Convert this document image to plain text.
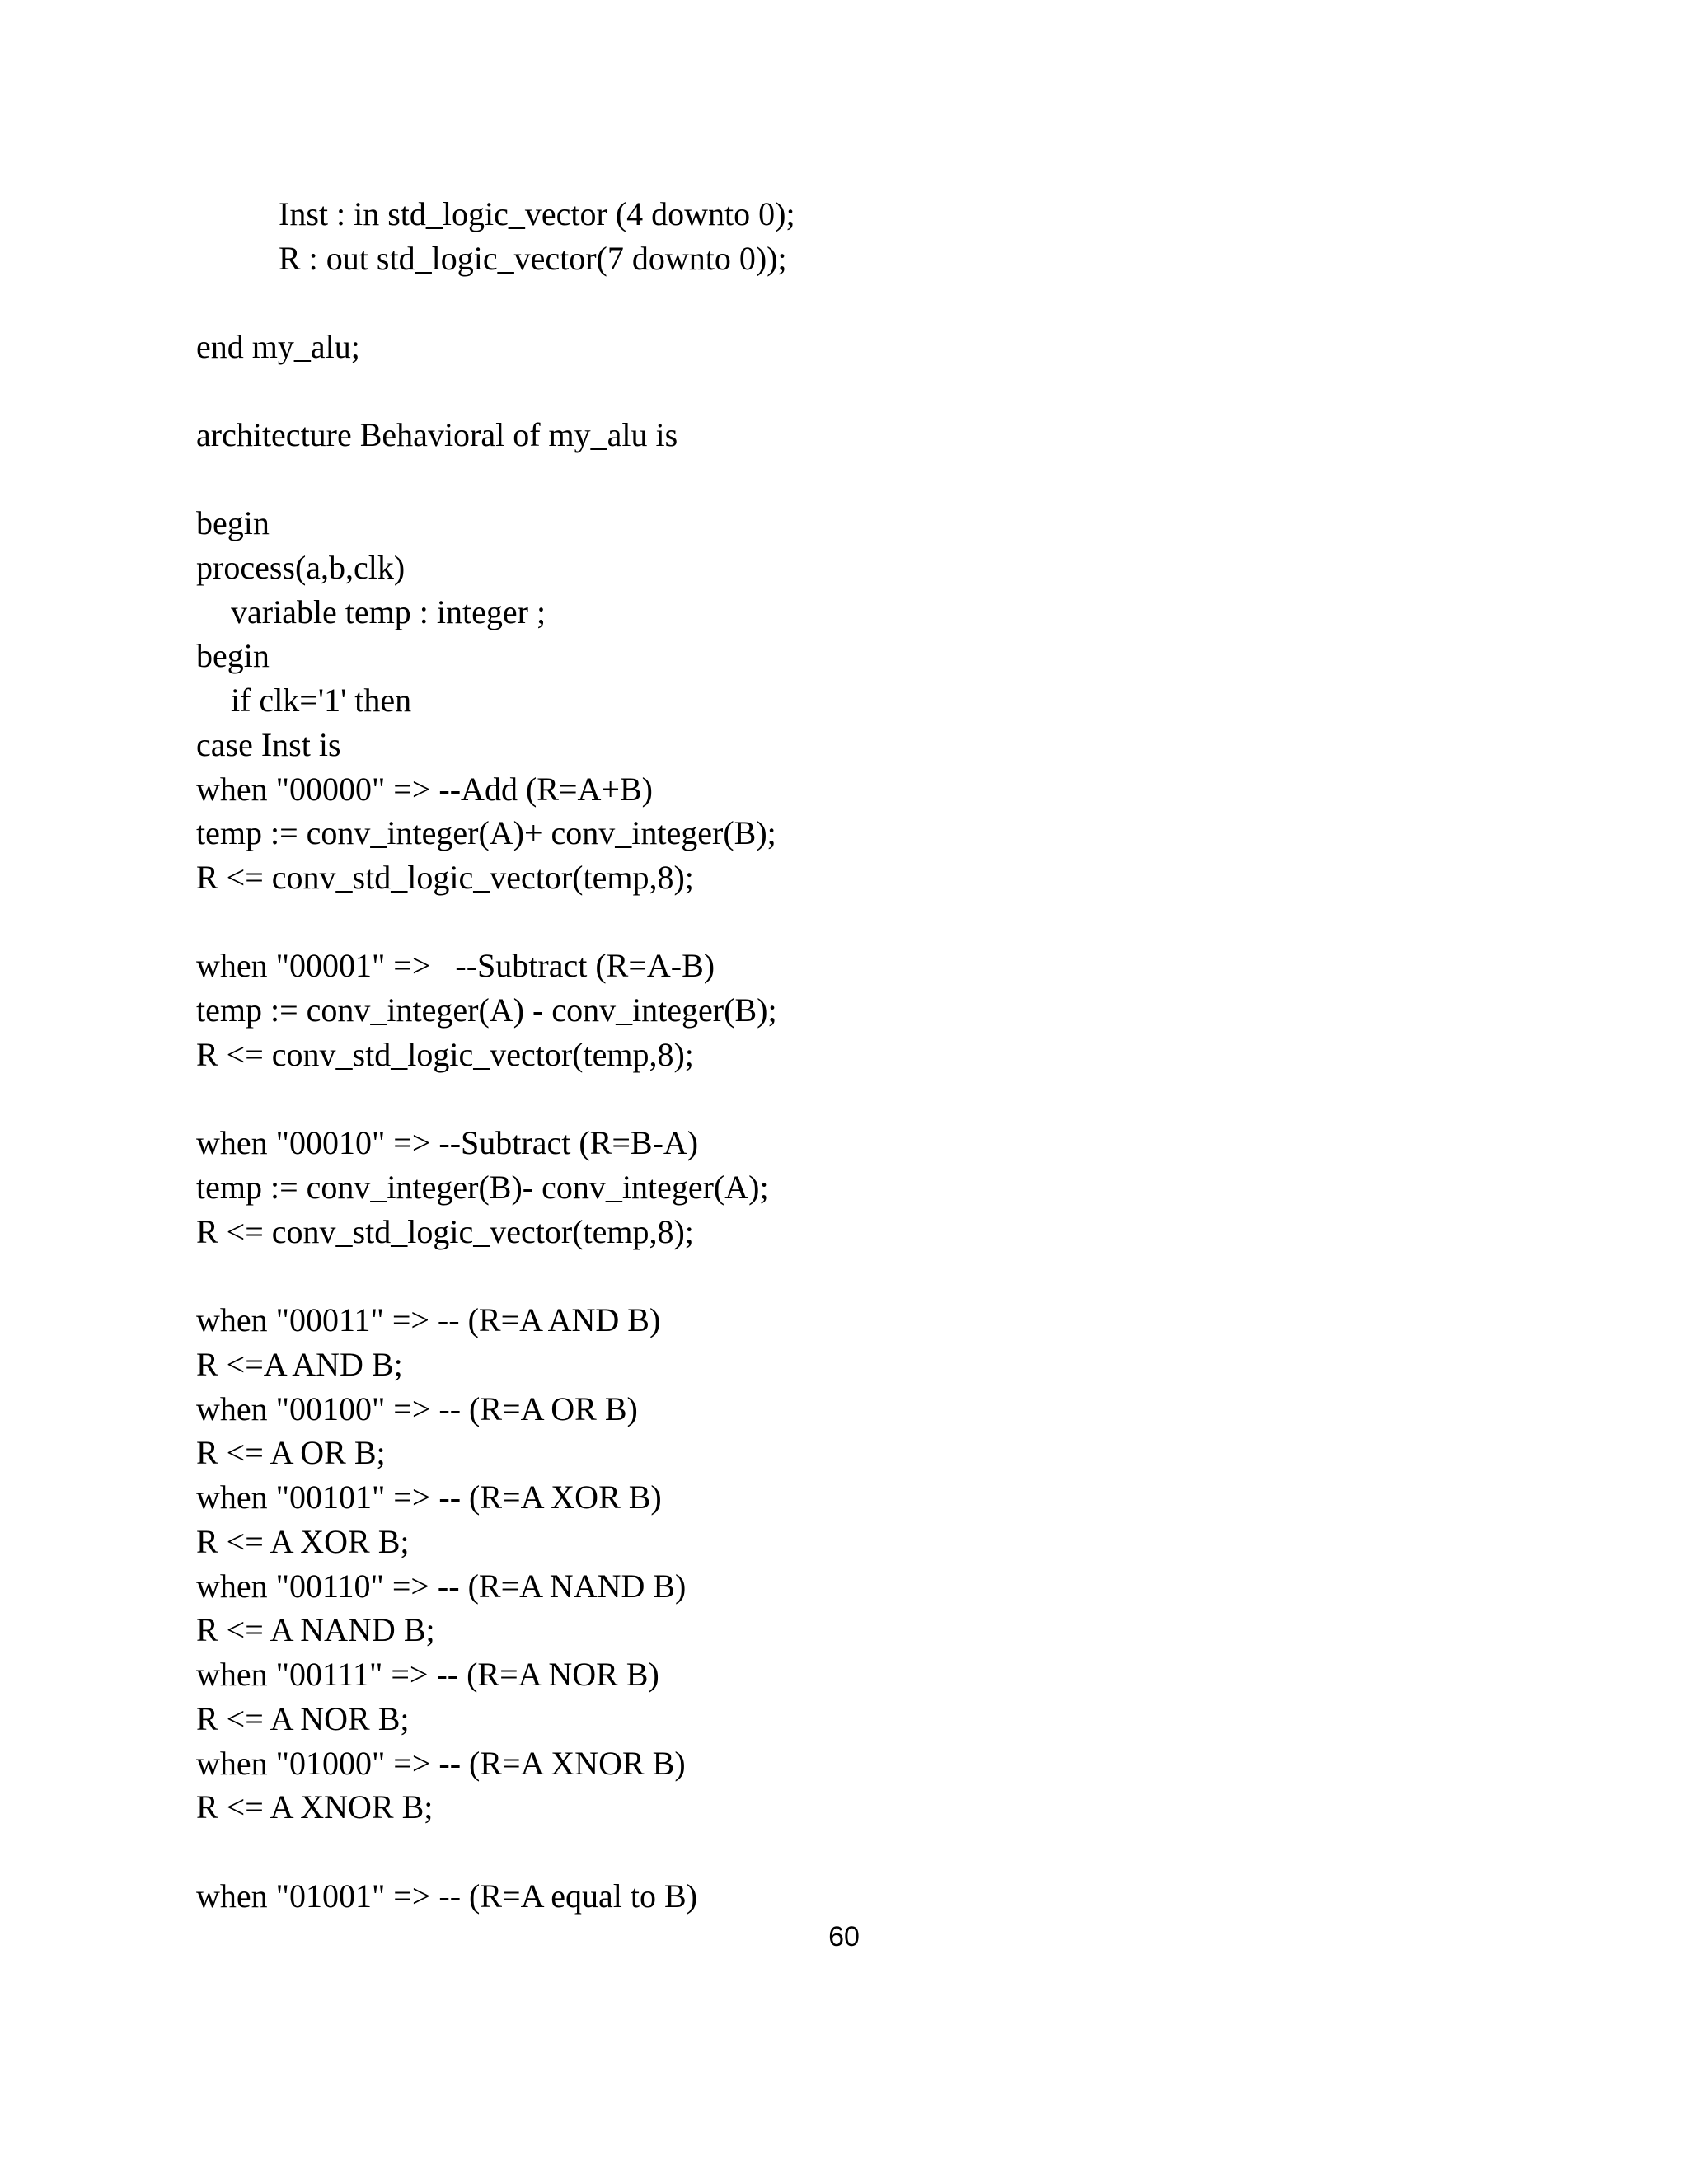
Inst : in std_logic_vector (4 downto 0);
R : out std_logic_vector(7 downto 0));
end my_alu;
architecture Behavioral of my_alu is
begin
process(a,b,clk)
variable temp : integer ;
begin
if clk='1' then
case Inst is
when "00000" => --Add (R=A+B)
temp := conv_integer(A)+ conv_integer(B);
R <= conv_std_logic_vector(temp,8);
when "00001" =>   --Subtract (R=A-B)
temp := conv_integer(A) - conv_integer(B);
R <= conv_std_logic_vector(temp,8);
when "00010" => --Subtract (R=B-A)
temp := conv_integer(B)- conv_integer(A);
R <= conv_std_logic_vector(temp,8);
when "00011" => -- (R=A AND B)
R <=A AND B;
when "00100" => -- (R=A OR B)
R <= A OR B;
when "00101" => -- (R=A XOR B)
R <= A XOR B;
when "00110" => -- (R=A NAND B)
R <= A NAND B;
when "00111" => -- (R=A NOR B)
R <= A NOR B;
when "01000" => -- (R=A XNOR B)
R <= A XNOR B;
when "01001" => -- (R=A equal to B)
60
